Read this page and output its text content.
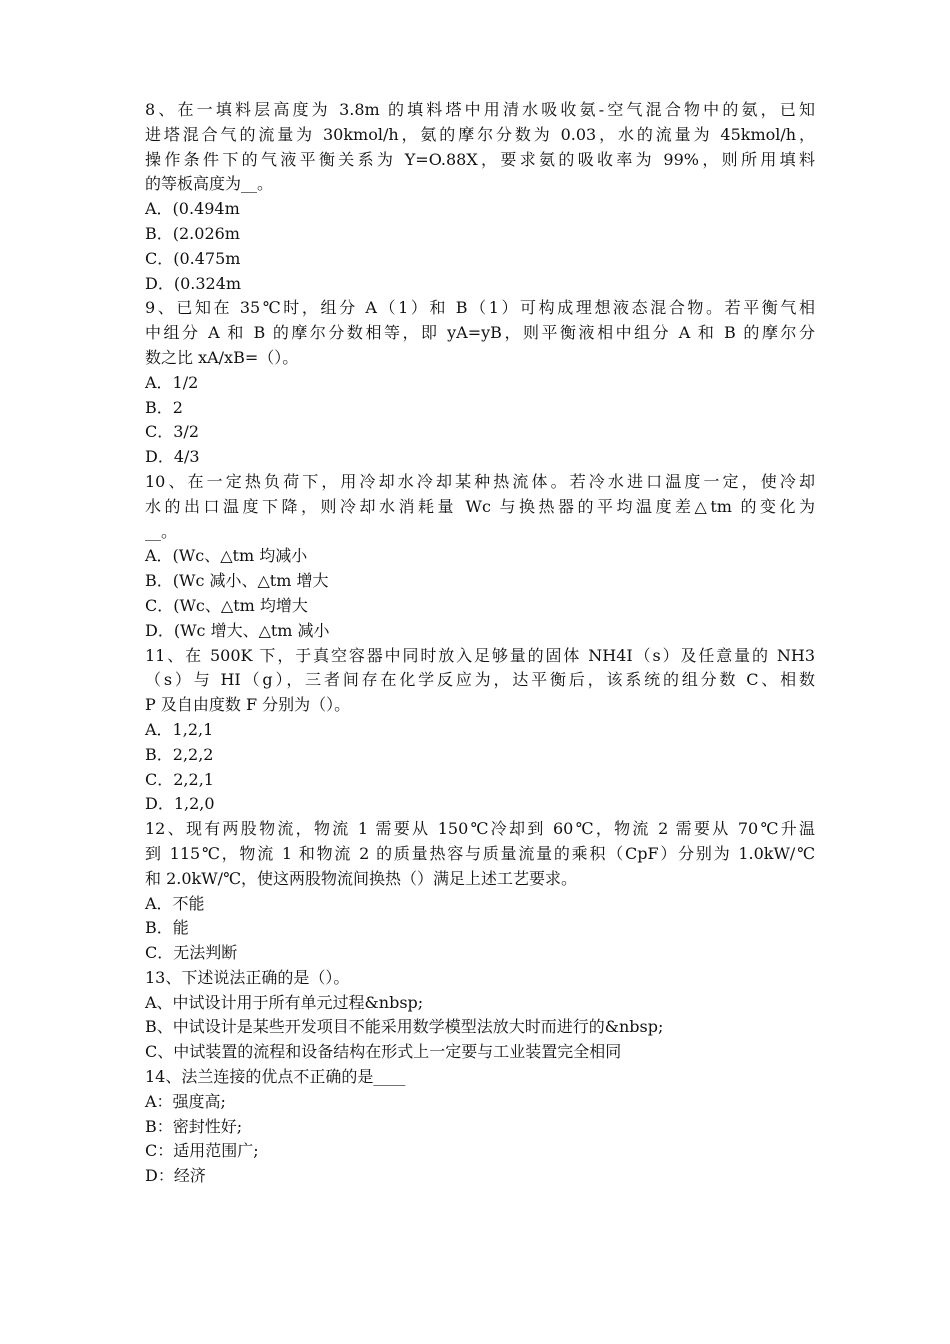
8、在一填料层高度为 3.8m 的填料塔中用清水吸收氨-空气混合物中的氨，已知
进塔混合气的流量为 30kmol/h，氨的摩尔分数为 0.03，水的流量为 45kmol/h，
操作条件下的气液平衡关系为 Y=O.88X，要求氨的吸收率为 99%，则所用填料
的等板高度为__。
A．(0.494m
B．(2.026m
C．(0.475m
D．(0.324m
9、已知在 35℃时，组分 A（1）和 B（1）可构成理想液态混合物。若平衡气相
中组分 A 和 B 的摩尔分数相等，即 yA=yB，则平衡液相中组分 A 和 B 的摩尔分
数之比 xA/xB=（）。
A．1/2
B．2
C．3/2
D．4/3
10、在一定热负荷下，用冷却水冷却某种热流体。若冷水进口温度一定，使冷却
水的出口温度下降，则冷却水消耗量 Wc 与换热器的平均温度差△tm 的变化为
__。
A．(Wc、△tm 均减小
B．(Wc 减小、△tm 增大
C．(Wc、△tm 均增大
D．(Wc 增大、△tm 减小
11、在 500K 下，于真空容器中同时放入足够量的固体 NH4I（s）及任意量的 NH3
（s）与 HI（g），三者间存在化学反应为，达平衡后，该系统的组分数 C、相数
P 及自由度数 F 分别为（）。
A．1,2,1
B．2,2,2
C．2,2,1
D．1,2,0
12、现有两股物流，物流 1 需要从 150℃冷却到 60℃，物流 2 需要从 70℃升温
到 115℃，物流 1 和物流 2 的质量热容与质量流量的乘积（CpF）分别为 1.0kW/℃
和 2.0kW/℃，使这两股物流间换热（）满足上述工艺要求。
A．不能
B．能
C．无法判断
13、下述说法正确的是（）。
A、中试设计用于所有单元过程&nbsp;
B、中试设计是某些开发项目不能采用数学模型法放大时而进行的&nbsp;
C、中试装置的流程和设备结构在形式上一定要与工业装置完全相同
14、法兰连接的优点不正确的是____
A：强度高;
B：密封性好;
C：适用范围广;
D：经济
